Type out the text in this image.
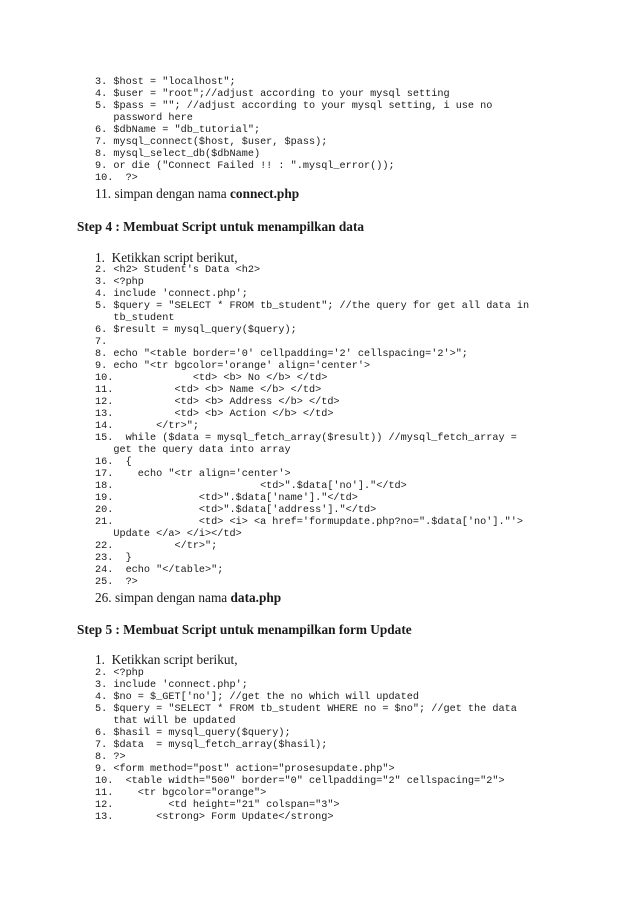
3. $host = "localhost";
4. $user = "root";//adjust according to your mysql setting
5. $pass = ""; //adjust according to your mysql setting, i use no
password here
6. $dbName = "db_tutorial";
7. mysql_connect($host, $user, $pass);
8. mysql_select_db($dbName)
9. or die ("Connect Failed !! : ".mysql_error());
10.  ?>
11. simpan dengan nama connect.php
Step 4 : Membuat Script untuk menampilkan data
1.  Ketikkan script berikut,
2. <h2> Student's Data <h2>
3. <?php
4. include 'connect.php';
5. $query = "SELECT * FROM tb_student"; //the query for get all data in
tb_student
6. $result = mysql_query($query);
7.
8. echo "<table border='0' cellpadding='2' cellspacing='2'>";
9. echo "<tr bgcolor='orange' align='center'>
10.             <td> <b> No </b> </td>
11.          <td> <b> Name </b> </td>
12.          <td> <b> Address </b> </td>
13.          <td> <b> Action </b> </td>
14.       </tr>";
15.  while ($data = mysql_fetch_array($result)) //mysql_fetch_array =
get the query data into array
16.  {
17.    echo "<tr align='center'>
18.                        <td>".$data['no']."</td>
19.              <td>".$data['name']."</td>
20.              <td>".$data['address']."</td>
21.              <td> <i> <a href='formupdate.php?no=".$data['no']."'>
Update </a> </i></td>
22.          </tr>";
23.  }
24.  echo "</table>";
25.  ?>
26. simpan dengan nama data.php
Step 5 : Membuat Script untuk menampilkan form Update
1.  Ketikkan script berikut,
2. <?php
3. include 'connect.php';
4. $no = $_GET['no']; //get the no which will updated
5. $query = "SELECT * FROM tb_student WHERE no = $no"; //get the data
that will be updated
6. $hasil = mysql_query($query);
7. $data  = mysql_fetch_array($hasil);
8. ?>
9. <form method="post" action="prosesupdate.php">
10.  <table width="500" border="0" cellpadding="2" cellspacing="2">
11.    <tr bgcolor="orange">
12.         <td height="21" colspan="3">
13.       <strong> Form Update</strong>
